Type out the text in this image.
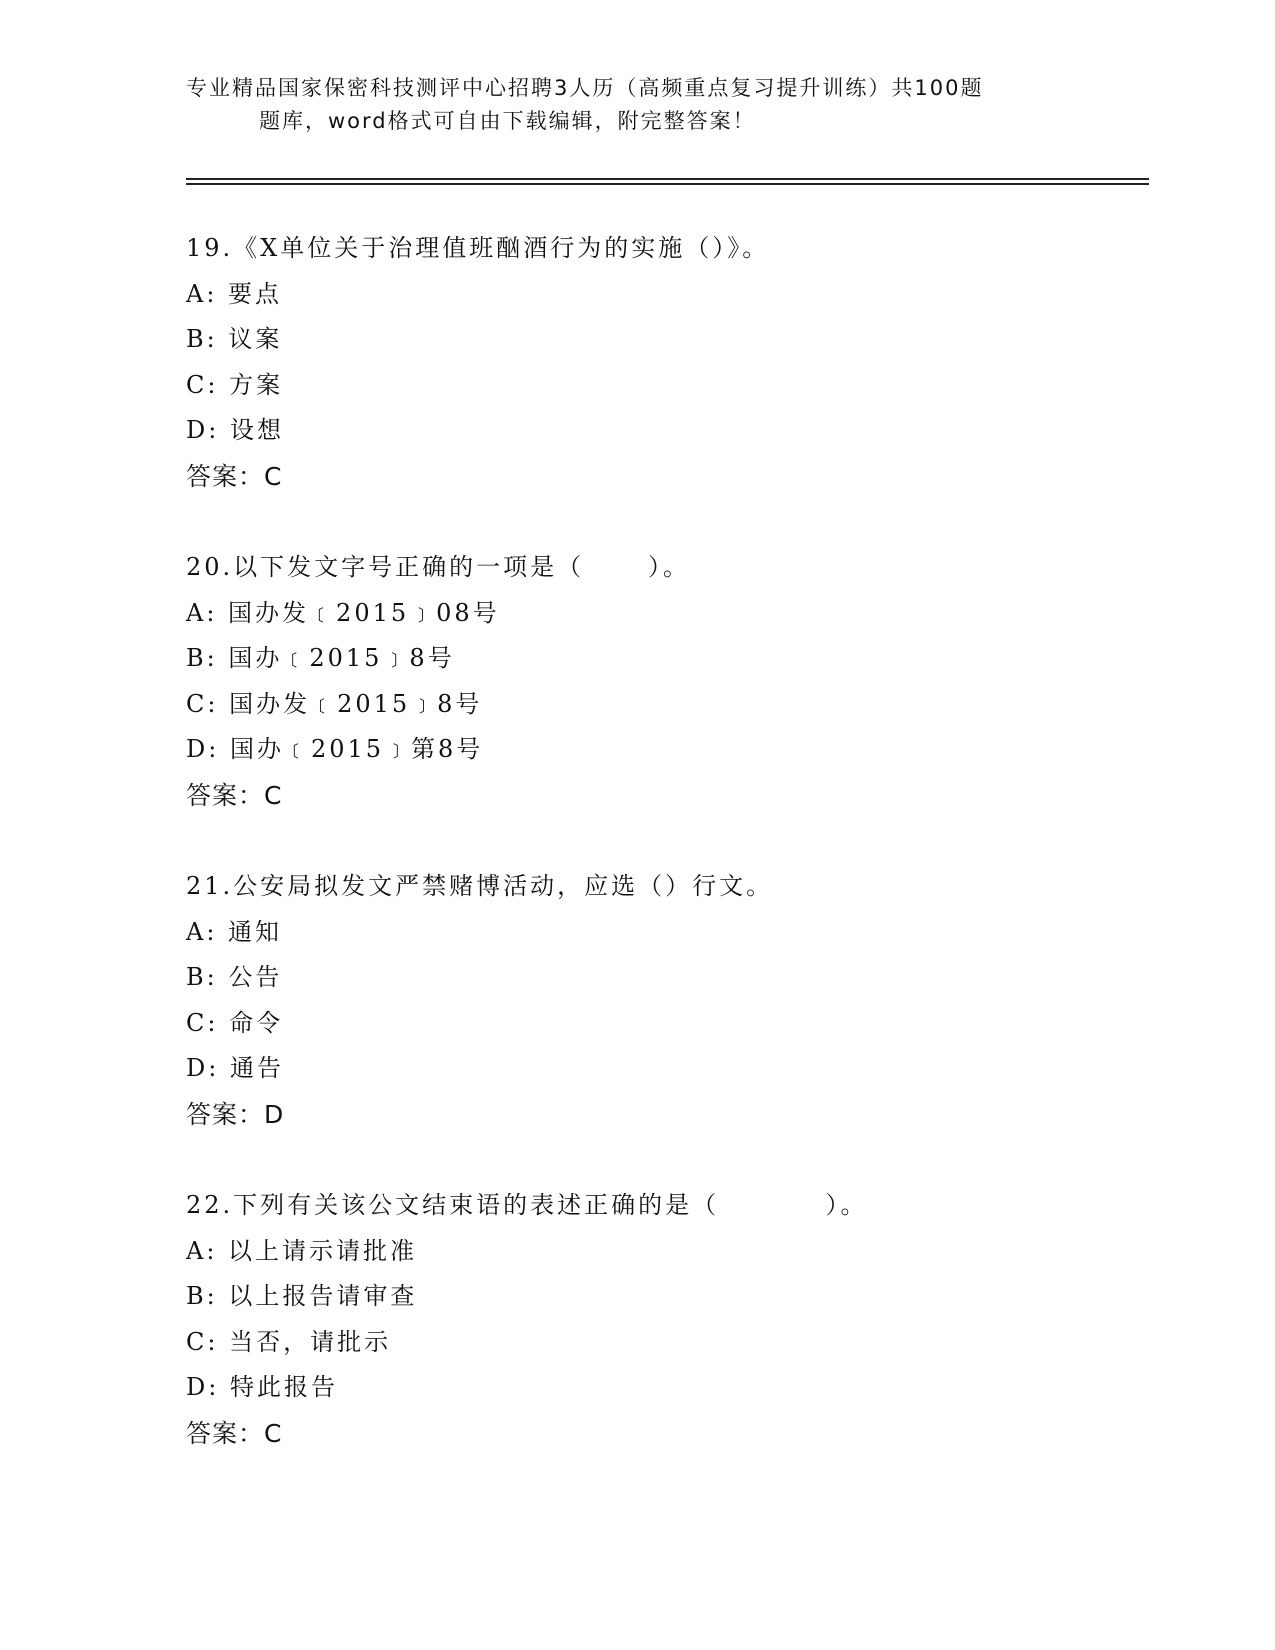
专业精品国家保密科技测评中心招聘3人历（高频重点复习提升训练）共100题
题库，word格式可自由下载编辑，附完整答案！
19.《X单位关于治理值班酗酒行为的实施（）》。
A: 要点
B: 议案
C: 方案
D: 设想
答案：C
20.以下发文字号正确的一项是（      ）。
A: 国办发﹝2015﹞08号
B: 国办﹝2015﹞8号
C: 国办发﹝2015﹞8号
D: 国办﹝2015﹞第8号
答案：C
21.公安局拟发文严禁赌博活动，应选（）行文。
A: 通知
B: 公告
C: 命令
D: 通告
答案：D
22.下列有关该公文结束语的表述正确的是（          ）。
A: 以上请示请批准
B: 以上报告请审查
C: 当否，请批示
D: 特此报告
答案：C
